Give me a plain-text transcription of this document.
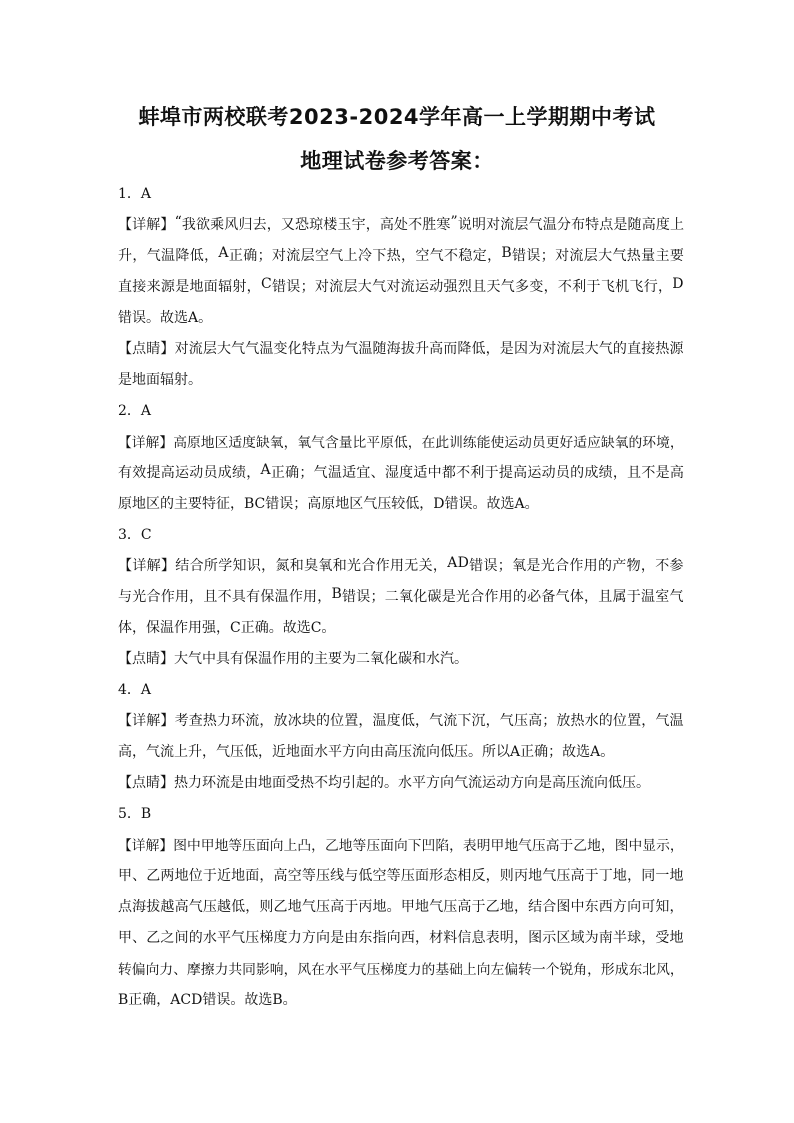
蚌埠市两校联考2023-2024学年高一上学期期中考试
地理试卷参考答案：
1．A
【 详 解 】 “ 我 欲 乘 风 归 去 ， 又 恐 琼 楼 玉 宇 ， 高 处 不 胜 寒 ” 说 明 对 流 层 气 温 分 布 特 点 是 随 高 度 上
升 ， 气 温 降 低 ， A 正 确 ； 对 流 层 空 气 上 冷 下 热 ， 空 气 不 稳 定 ， B 错 误 ； 对 流 层 大 气 热 量 主 要
直 接 来 源 是 地 面 辐 射 ， C 错 误 ； 对 流 层 大 气 对 流 运 动 强 烈 且 天 气 多 变 ， 不 利 于 飞 机 飞 行 ， D
错误。故选A。
【 点 睛 】 对 流 层 大 气 气 温 变 化 特 点 为 气 温 随 海 拔 升 高 而 降 低 ， 是 因 为 对 流 层 大 气 的 直 接 热 源
是地面辐射。
2．A
【 详 解 】 高 原 地 区 适 度 缺 氧 ， 氧 气 含 量 比 平 原 低 ， 在 此 训 练 能 使 运 动 员 更 好 适 应 缺 氧 的 环 境 ，
有 效 提 高 运 动 员 成 绩 ， A 正 确 ； 气 温 适 宜 、 湿 度 适 中 都 不 利 于 提 高 运 动 员 的 成 绩 ， 且 不 是 高
原地区的主要特征，BC错误；高原地区气压较低，D错误。故选A。
3．C
【 详 解 】 结 合 所 学 知 识 ， 氮 和 臭 氧 和 光 合 作 用 无 关 ， A D 错 误 ； 氧 是 光 合 作 用 的 产 物 ， 不 参
与 光 合 作 用 ， 且 不 具 有 保 温 作 用 ， B 错 误 ； 二 氧 化 碳 是 光 合 作 用 的 必 备 气 体 ， 且 属 于 温 室 气
体，保温作用强，C正确。故选C。
【点睛】大气中具有保温作用的主要为二氧化碳和水汽。
4．A
【 详 解 】 考 查 热 力 环 流 ， 放 冰 块 的 位 置 ， 温 度 低 ， 气 流 下 沉 ， 气 压 高 ； 放 热 水 的 位 置 ， 气 温
高，气流上升，气压低，近地面水平方向由高压流向低压。所以A正确；故选A。
【点睛】热力环流是由地面受热不均引起的。水平方向气流运动方向是高压流向低压。
5．B
【 详 解 】 图 中 甲 地 等 压 面 向 上 凸 ， 乙 地 等 压 面 向 下 凹 陷 ， 表 明 甲 地 气 压 高 于 乙 地 ， 图 中 显 示 ，
甲 、 乙 两 地 位 于 近 地 面 ， 高 空 等 压 线 与 低 空 等 压 面 形 态 相 反 ， 则 丙 地 气 压 高 于 丁 地 ， 同 一 地
点 海 拔 越 高 气 压 越 低 ， 则 乙 地 气 压 高 于 丙 地 。 甲 地 气 压 高 于 乙 地 ， 结 合 图 中 东 西 方 向 可 知 ，
甲 、 乙 之 间 的 水 平 气 压 梯 度 力 方 向 是 由 东 指 向 西 ， 材 料 信 息 表 明 ， 图 示 区 域 为 南 半 球 ， 受 地
转 偏 向 力 、 摩 擦 力 共 同 影 响 ， 风 在 水 平 气 压 梯 度 力 的 基 础 上 向 左 偏 转 一 个 锐 角 ， 形 成 东 北 风 ，
B正确，ACD错误。故选B。
